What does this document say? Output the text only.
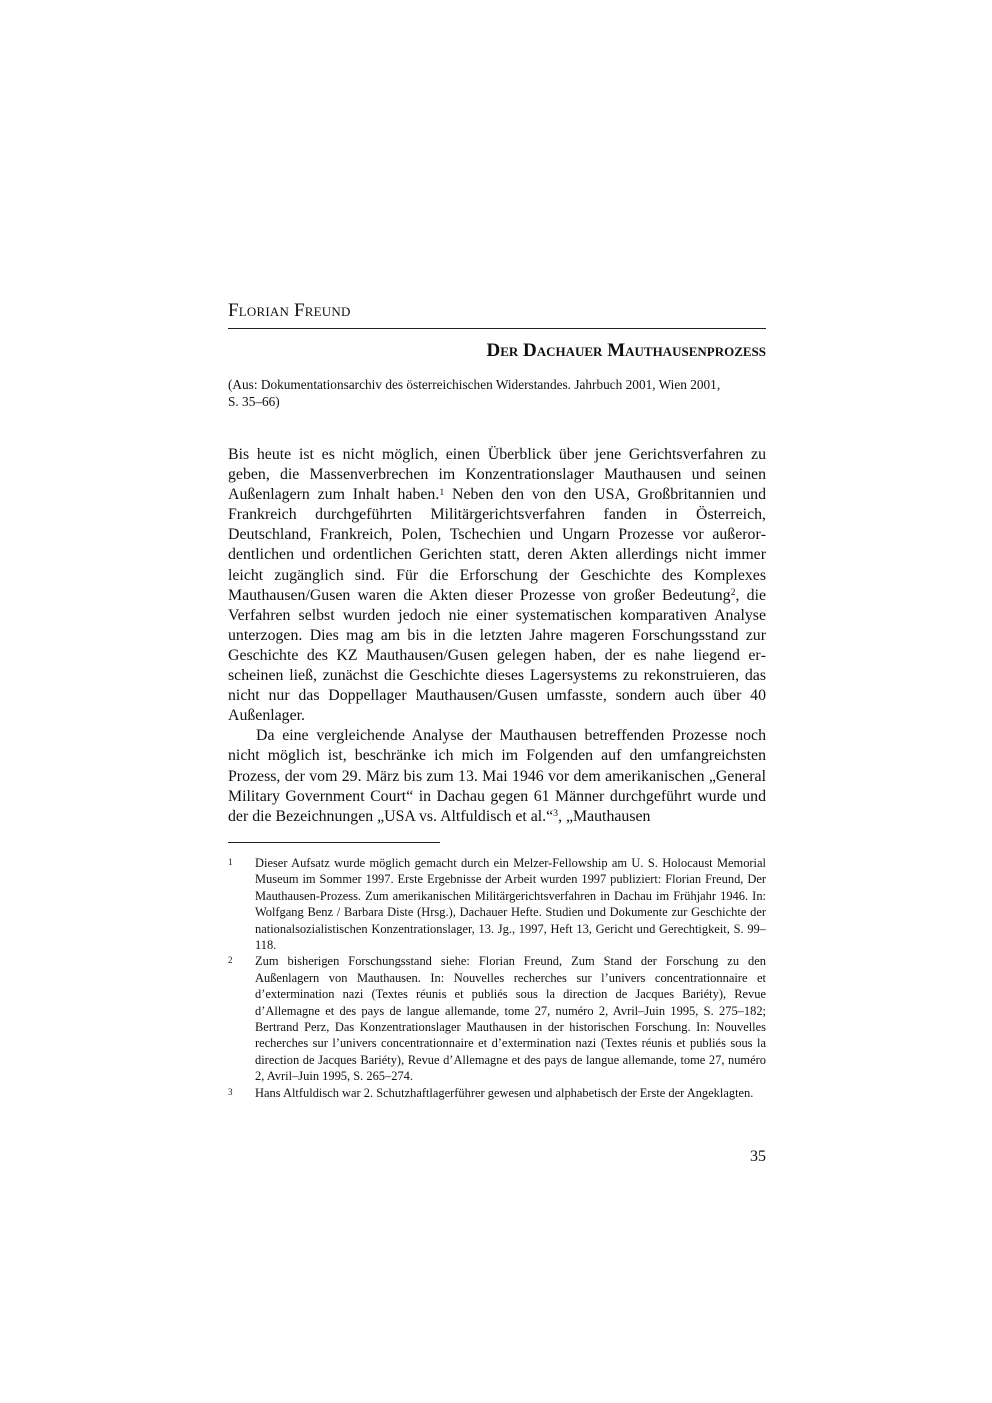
Florian Freund
Der Dachauer Mauthausenprozess
(Aus: Dokumentationsarchiv des österreichischen Widerstandes. Jahrbuch 2001, Wien 2001,
S. 35–66)

Bis heute ist es nicht möglich, einen Überblick über jene Gerichtsverfahren zu geben, die Massenverbrechen im Konzentrationslager Mauthausen und seinen Außenlagern zum Inhalt haben.$^1$ Neben den von den USA, Großbritannien und Frankreich durchgeführten Militärgerichtsverfahren fanden in Österreich, Deutschland, Frankreich, Polen, Tschechien und Ungarn Prozesse vor außerordentlichen und ordentlichen Gerichten statt, deren Akten allerdings nicht immer leicht zugänglich sind. Für die Erforschung der Geschichte des Komplexes Mauthausen/Gusen waren die Akten dieser Prozesse von großer Bedeutung$^2$, die Verfahren selbst wurden jedoch nie einer systematischen komparativen Analyse unterzogen. Dies mag am bis in die letzten Jahre mageren Forschungsstand zur Geschichte des KZ Mauthausen/Gusen gelegen haben, der es nahe liegend erscheinen ließ, zunächst die Geschichte dieses Lagersystems zu rekonstruieren, das nicht nur das Doppellager Mauthausen/Gusen umfasste, sondern auch über 40 Außenlager.

Da eine vergleichende Analyse der Mauthausen betreffenden Prozesse noch nicht möglich ist, beschränke ich mich im Folgenden auf den umfangreichsten Prozess, der vom 29. März bis zum 13. Mai 1946 vor dem amerikanischen „General Military Government Court“ in Dachau gegen 61 Männer durchgeführt wurde und der die Bezeichnungen „USA vs. Altfuldisch et al.“$^3$, „Mauthausen

1	Dieser Aufsatz wurde möglich gemacht durch ein Melzer-Fellowship am U. S. Holocaust Memorial Museum im Sommer 1997. Erste Ergebnisse der Arbeit wurden 1997 publiziert: Florian Freund, Der Mauthausen-Prozess. Zum amerikanischen Militärgerichtsverfahren in Dachau im Frühjahr 1946. In: Wolfgang Benz / Barbara Diste (Hrsg.), Dachauer Hefte. Studien und Dokumente zur Geschichte der nationalsozialistischen Konzentrationslager, 13. Jg., 1997, Heft 13, Gericht und Gerechtigkeit, S. 99–118.
2	Zum bisherigen Forschungsstand siehe: Florian Freund, Zum Stand der Forschung zu den Außenlagern von Mauthausen. In: Nouvelles recherches sur l’univers concentrationnaire et d’extermination nazi (Textes réunis et publiés sous la direction de Jacques Bariéty), Revue d’Allemagne et des pays de langue allemande, tome 27, numéro 2, Avril–Juin 1995, S. 275–182; Bertrand Perz, Das Konzentrationslager Mauthausen in der historischen Forschung. In: Nouvelles recherches sur l’univers concentrationnaire et d’extermination nazi (Textes réunis et publiés sous la direction de Jacques Bariéty), Revue d’Allemagne et des pays de langue allemande, tome 27, numéro 2, Avril–Juin 1995, S. 265–274.
3	Hans Altfuldisch war 2. Schutzhaftlagerführer gewesen und alphabetisch der Erste der Angeklagten.
35
